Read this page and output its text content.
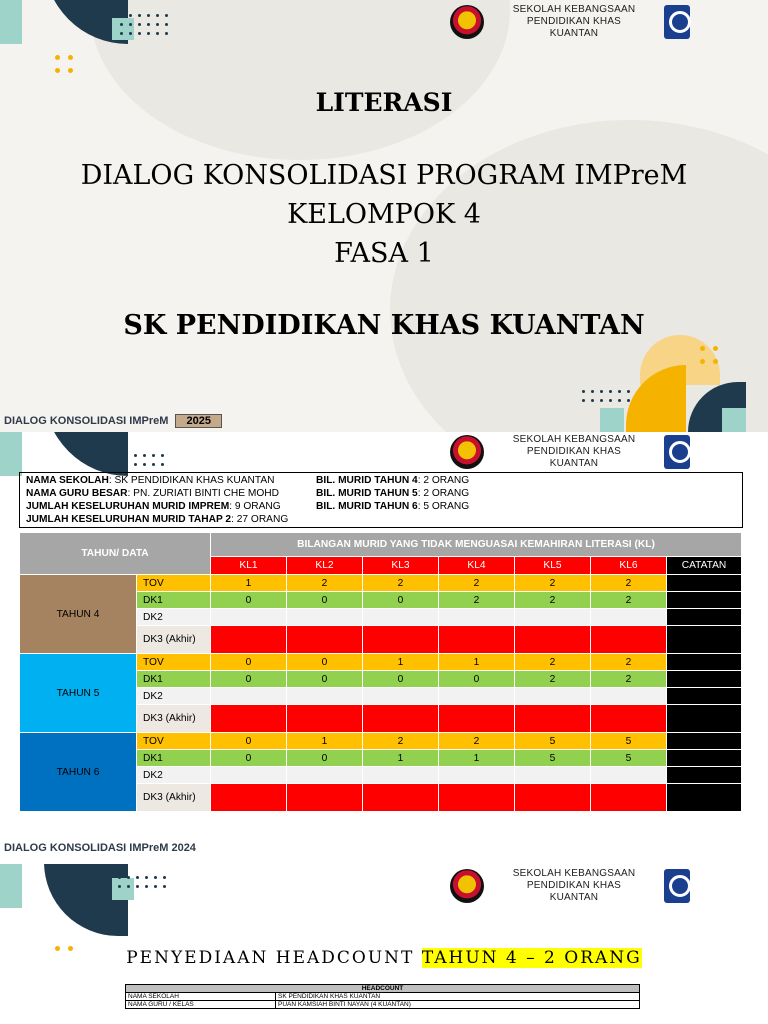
SEKOLAH KEBANGSAAN PENDIDIKAN KHAS
KUANTAN
LITERASI
DIALOG KONSOLIDASI PROGRAM IMPreM
KELOMPOK 4
FASA 1
SK PENDIDIKAN KHAS KUANTAN
DIALOG KONSOLIDASI IMPreM 2025
SEKOLAH KEBANGSAAN PENDIDIKAN KHAS
KUANTAN
NAMA SEKOLAH: SK PENDIDIKAN KHAS KUANTAN	BIL. MURID TAHUN 4: 2 ORANG
NAMA GURU BESAR: PN. ZURIATI BINTI CHE MOHD	BIL. MURID TAHUN 5: 2 ORANG
JUMLAH KESELURUHAN MURID IMPREM: 9 ORANG	BIL. MURID TAHUN 6: 5 ORANG
JUMLAH KESELURUHAN MURID TAHAP 2: 27 ORANG
TAHUN/ DATA		BILANGAN MURID YANG TIDAK MENGUASAI KEMAHIRAN LITERASI (KL)						
		KL1	KL2	KL3	KL4	KL5	KL6	CATATAN
TAHUN 4	TOV	1	2	2	2	2	2	
	DK1	0	0	0	2	2	2	
	DK2							
	DK3 (Akhir)							
TAHUN 5	TOV	0	0	1	1	2	2	
	DK1	0	0	0	0	2	2	
	DK2							
	DK3 (Akhir)							
TAHUN 6	TOV	0	1	2	2	5	5	
	DK1	0	0	1	1	5	5	
	DK2							
	DK3 (Akhir)							
DIALOG KONSOLIDASI IMPreM 2024
SEKOLAH KEBANGSAAN PENDIDIKAN KHAS
KUANTAN
PENYEDIAAN HEADCOUNT TAHUN 4 – 2 ORANG
HEADCOUNT	
NAMA SEKOLAH	SK PENDIDIKAN KHAS KUANTAN
NAMA GURU / KELAS	PUAN KAMSIAH BINTI NAYAN (4 KUANTAN)
